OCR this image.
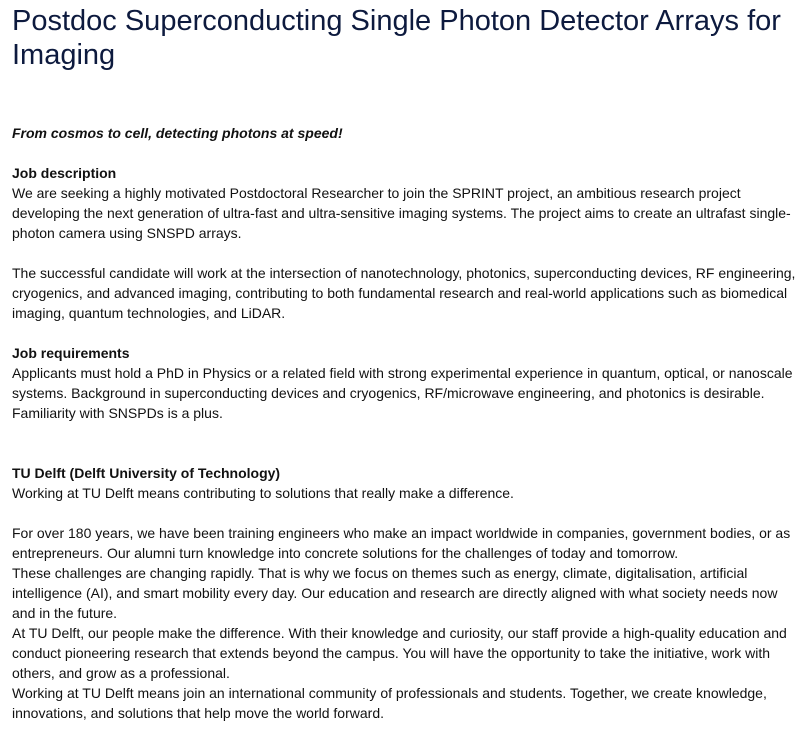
Postdoc Superconducting Single Photon Detector Arrays for Imaging

From cosmos to cell, detecting photons at speed!

Job description

We are seeking a highly motivated Postdoctoral Researcher to join the SPRINT project, an ambitious research project developing the next generation of ultra-fast and ultra-sensitive imaging systems. The project aims to create an ultrafast single-photon camera using SNSPD arrays.

The successful candidate will work at the intersection of nanotechnology, photonics, superconducting devices, RF engineering, cryogenics, and advanced imaging, contributing to both fundamental research and real-world applications such as biomedical imaging, quantum technologies, and LiDAR.

Job requirements

Applicants must hold a PhD in Physics or a related field with strong experimental experience in quantum, optical, or nanoscale systems. Background in superconducting devices and cryogenics, RF/microwave engineering, and photonics is desirable. Familiarity with SNSPDs is a plus.

TU Delft (Delft University of Technology)

Working at TU Delft means contributing to solutions that really make a difference.

For over 180 years, we have been training engineers who make an impact worldwide in companies, government bodies, or as entrepreneurs. Our alumni turn knowledge into concrete solutions for the challenges of today and tomorrow.

These challenges are changing rapidly. That is why we focus on themes such as energy, climate, digitalisation, artificial intelligence (AI), and smart mobility every day. Our education and research are directly aligned with what society needs now and in the future.

At TU Delft, our people make the difference. With their knowledge and curiosity, our staff provide a high-quality education and conduct pioneering research that extends beyond the campus. You will have the opportunity to take the initiative, work with others, and grow as a professional.

Working at TU Delft means join an international community of professionals and students. Together, we create knowledge, innovations, and solutions that help move the world forward.
